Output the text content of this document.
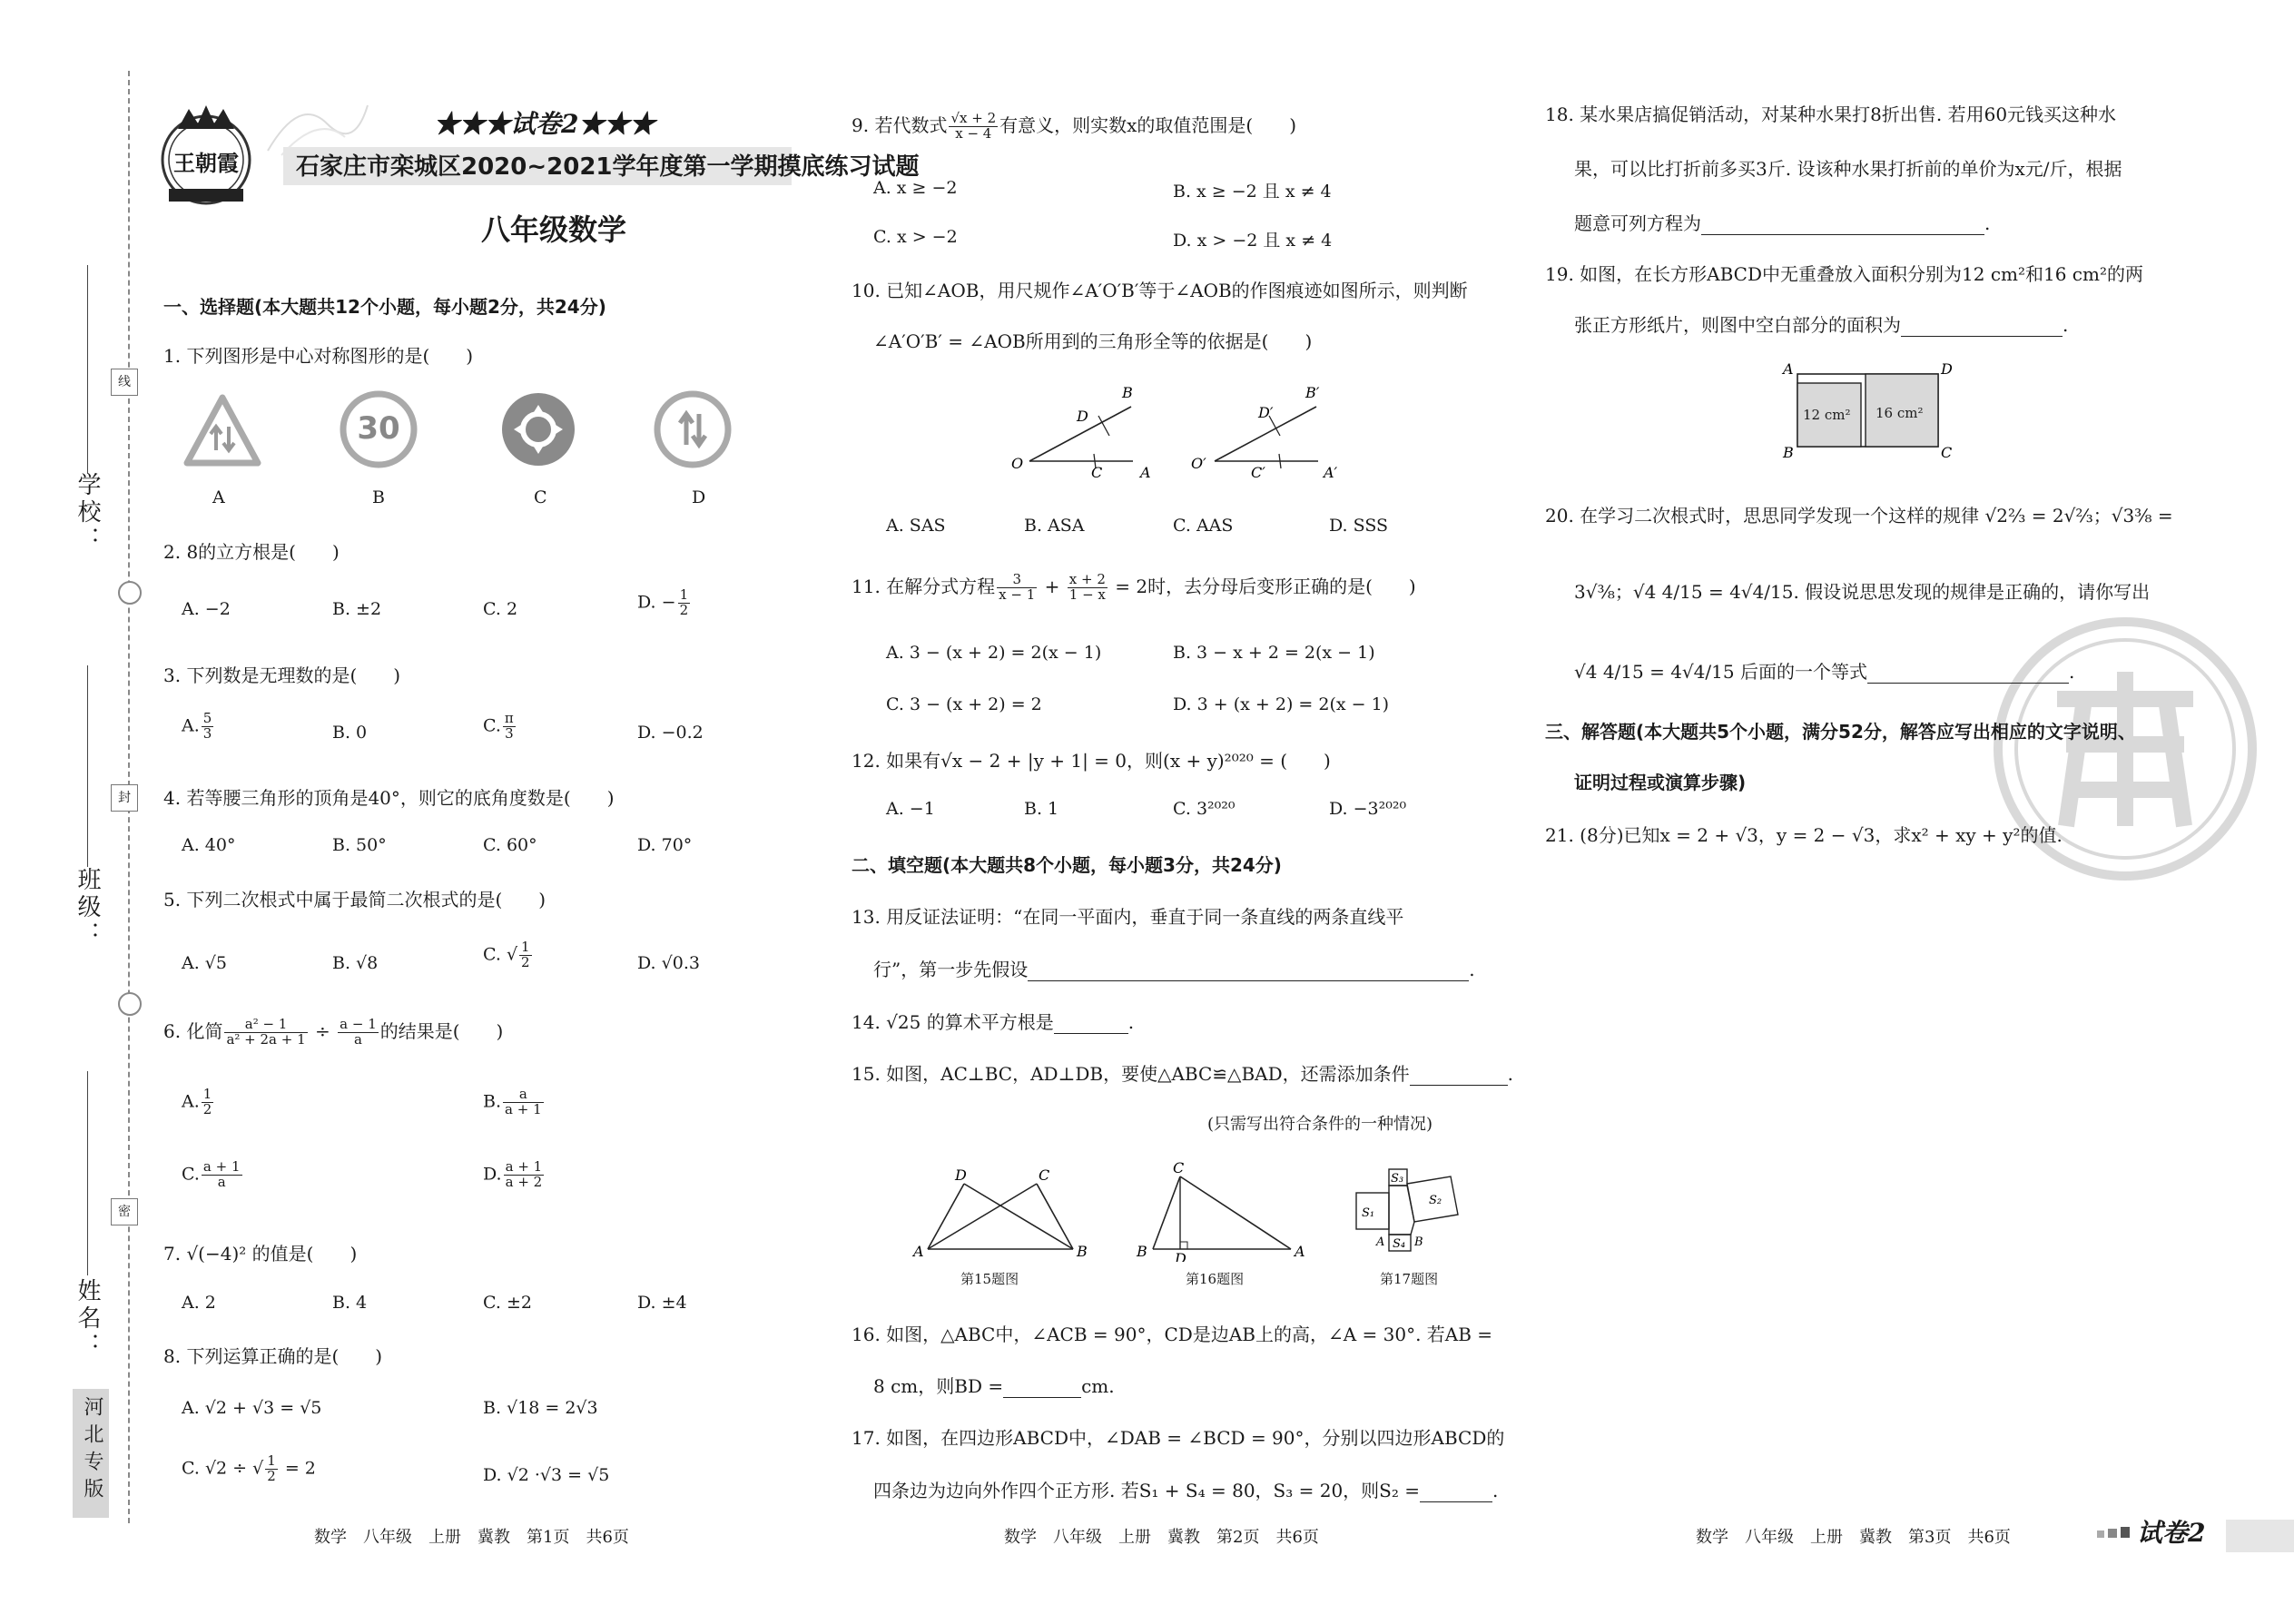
线
封
密
学校：
班级：
姓名：
河北专版
王朝霞
★★★试卷2★★★
石家庄市栾城区2020~2021学年度第一学期摸底练习试题
八年级数学
一、选择题(本大题共12个小题，每小题2分，共24分)
1. 下列图形是中心对称图形的是(　　)
30
A	B	C	D
2. 8的立方根是(　　)
A. −2	B. ±2	C. 2	D. − $\frac{1}{2}$
3. 下列数是无理数的是(　　)
A. $\frac{5}{3}$	B. 0	C. $\frac{\pi}{3}$	D. −0.2
4. 若等腰三角形的顶角是40°，则它的底角度数是(　　)
A. 40°	B. 50°	C. 60°	D. 70°
5. 下列二次根式中属于最简二次根式的是(　　)
A. √5	B. √8	C. √ $\frac{1}{2}$	D. √0.3
6. 化简 $\frac{\text{a² − 1}}{\text{a² + 2a + 1}} \div \frac{a - 1}{a}$ 的结果是(　　)
A. $\frac{1}{2}$	B. $\frac{a}{a + 1}$
C. $\frac{a + 1}{a}$	D. $\frac{a + 1}{a + 2}$
7. √(−4)² 的值是(　　)
A. 2	B. 4	C. ±2	D. ±4
8. 下列运算正确的是(　　)
A. √2 + √3 = √5	B. √18 = 2√3
C. √2 ÷ √ $\frac{1}{2} = 2$	D. √2 ·√3 = √5
数学　八年级　上册　冀教　第1页　共6页
9. 若代数式 $\frac{√x + 2}{x - 4}$ 有意义，则实数x的取值范围是(　　)
A. x ≥ −2	B. x ≥ −2 且 x ≠ 4
C. x > −2	D. x > −2 且 x ≠ 4
10. 已知∠AOB，用尺规作∠A′O′B′等于∠AOB的作图痕迹如图所示，则判断
∠A′O′B′ = ∠AOB所用到的三角形全等的依据是(　　)
O
D
B
C	A
O′
D′
B′
C′	A′
A. SAS	B. ASA	C. AAS	D. SSS
11. 在解分式方程 $\frac{3}{x - 1} + \frac{x + 2}{1 - x} = 2$时，去分母后变形正确的是(　　)
A. 3 − (x + 2) = 2(x − 1)	B. 3 − x + 2 = 2(x − 1)
C. 3 − (x + 2) = 2	D. 3 + (x + 2) = 2(x − 1)
12. 如果有√x − 2 + |y + 1| = 0，则(x + y)²⁰²⁰ = (　　)
A. −1	B. 1	C. 3²⁰²⁰	D. −3²⁰²⁰
二、填空题(本大题共8个小题，每小题3分，共24分)
13. 用反证法证明：“在同一平面内，垂直于同一条直线的两条直线平
行”，第一步先假设	.
14. √25 的算术平方根是	.
15. 如图，AC⊥BC，AD⊥DB，要使△ABC≌△BAD，还需添加条件	.
(只需写出符合条件的一种情况)
D	C
A	B
第15题图
C
B D	A
第16题图
S₁
S₂
S₃
S₄
A	B
第17题图
16. 如图，△ABC中，∠ACB = 90°，CD是边AB上的高，∠A = 30°. 若AB =
8 cm，则BD =	cm.
17. 如图，在四边形ABCD中，∠DAB = ∠BCD = 90°，分别以四边形ABCD的
四条边为边向外作四个正方形. 若S₁ + S₄ = 80，S₃ = 20，则S₂ =	.
数学　八年级　上册　冀教　第2页　共6页
18. 某水果店搞促销活动，对某种水果打8折出售. 若用60元钱买这种水
果，可以比打折前多买3斤. 设该种水果打折前的单价为x元/斤，根据
题意可列方程为	.
19. 如图，在长方形ABCD中无重叠放入面积分别为12 cm²和16 cm²的两
张正方形纸片，则图中空白部分的面积为	.
A	D
B	C
12 cm² 16 cm²
20. 在学习二次根式时，思思同学发现一个这样的规律 √2⅔ = 2√⅔；√3⅜ =
3√⅜；√4 4/15 = 4√4/15. 假设说思思发现的规律是正确的，请你写出
√4 4/15 = 4√4/15 后面的一个等式	.
三、解答题(本大题共5个小题，满分52分，解答应写出相应的文字说明、
证明过程或演算步骤)
21. (8分)已知x = 2 + √3，y = 2 − √3，求x² + xy + y²的值.
数学　八年级　上册　冀教　第3页　共6页	试卷2
